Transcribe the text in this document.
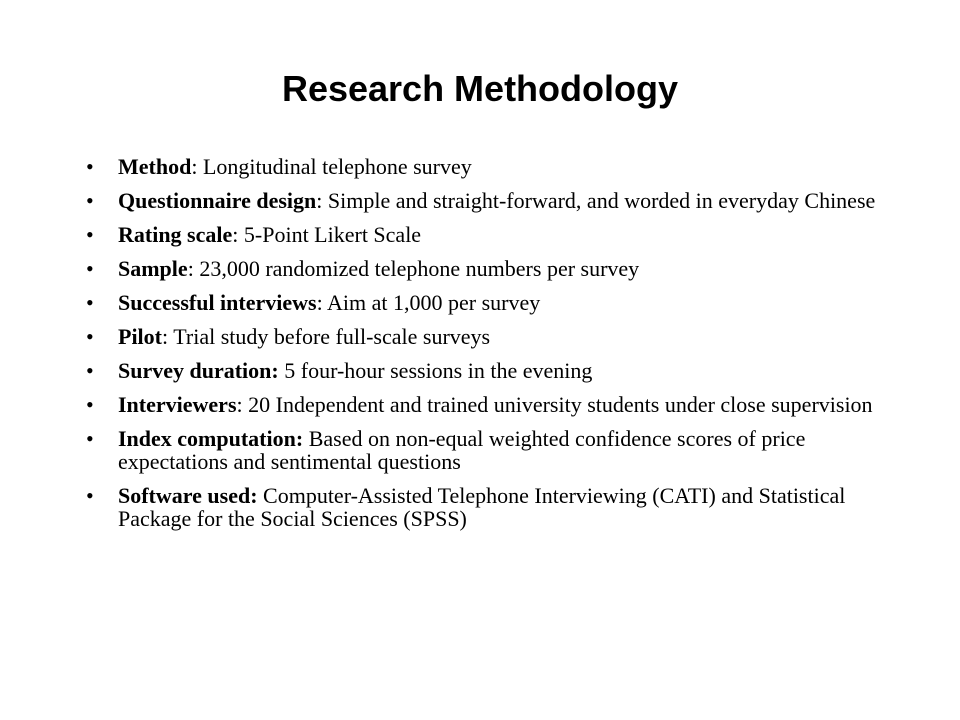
Research Methodology
• Method: Longitudinal telephone survey
• Questionnaire design: Simple and straight-forward, and worded in everyday Chinese
• Rating scale: 5-Point Likert Scale
• Sample: 23,000 randomized telephone numbers per survey
• Successful interviews: Aim at 1,000 per survey
• Pilot: Trial study before full-scale surveys
• Survey duration: 5 four-hour sessions in the evening
• Interviewers: 20 Independent and trained university students under close supervision
• Index computation: Based on non-equal weighted confidence scores of price expectations and sentimental questions
• Software used: Computer-Assisted Telephone Interviewing (CATI) and Statistical Package for the Social Sciences (SPSS)
